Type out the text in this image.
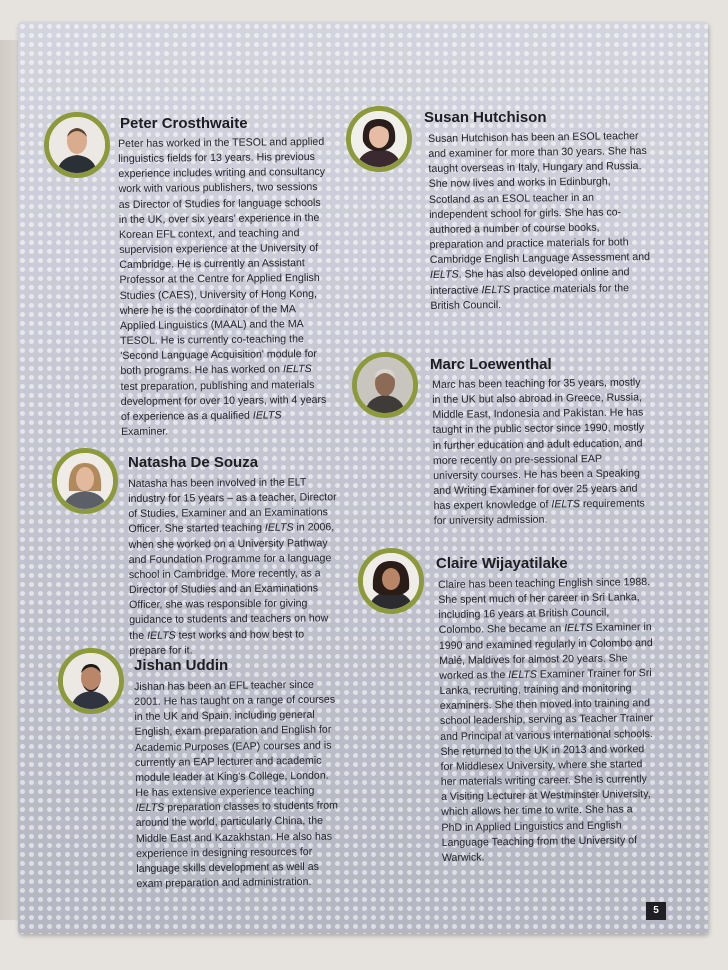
Peter Crosthwaite
Peter has worked in the TESOL and applied linguistics fields for 13 years. His previous experience includes writing and consultancy work with various publishers, two sessions as Director of Studies for language schools in the UK, over six years' experience in the Korean EFL context, and teaching and supervision experience at the University of Cambridge. He is currently an Assistant Professor at the Centre for Applied English Studies (CAES), University of Hong Kong, where he is the coordinator of the MA Applied Linguistics (MAAL) and the MA TESOL. He is currently co-teaching the 'Second Language Acquisition' module for both programs. He has worked on IELTS test preparation, publishing and materials development for over 10 years, with 4 years of experience as a qualified IELTS Examiner.
Susan Hutchison
Susan Hutchison has been an ESOL teacher and examiner for more than 30 years. She has taught overseas in Italy, Hungary and Russia. She now lives and works in Edinburgh, Scotland as an ESOL teacher in an independent school for girls. She has co-authored a number of course books, preparation and practice materials for both Cambridge English Language Assessment and IELTS. She has also developed online and interactive IELTS practice materials for the British Council.
Marc Loewenthal
Marc has been teaching for 35 years, mostly in the UK but also abroad in Greece, Russia, Middle East, Indonesia and Pakistan. He has taught in the public sector since 1990, mostly in further education and adult education, and more recently on pre-sessional EAP university courses. He has been a Speaking and Writing Examiner for over 25 years and has expert knowledge of IELTS requirements for university admission.
Natasha De Souza
Natasha has been involved in the ELT industry for 15 years – as a teacher, Director of Studies, Examiner and an Examinations Officer. She started teaching IELTS in 2006, when she worked on a University Pathway and Foundation Programme for a language school in Cambridge. More recently, as a Director of Studies and an Examinations Officer, she was responsible for giving guidance to students and teachers on how the IELTS test works and how best to prepare for it.
Claire Wijayatilake
Claire has been teaching English since 1988. She spent much of her career in Sri Lanka, including 16 years at British Council, Colombo. She became an IELTS Examiner in 1990 and examined regularly in Colombo and Malé, Maldives for almost 20 years. She worked as the IELTS Examiner Trainer for Sri Lanka, recruiting, training and monitoring examiners. She then moved into training and school leadership, serving as Teacher Trainer and Principal at various international schools. She returned to the UK in 2013 and worked for Middlesex University, where she started her materials writing career. She is currently a Visiting Lecturer at Westminster University, which allows her time to write. She has a PhD in Applied Linguistics and English Language Teaching from the University of Warwick.
Jishan Uddin
Jishan has been an EFL teacher since 2001. He has taught on a range of courses in the UK and Spain, including general English, exam preparation and English for Academic Purposes (EAP) courses and is currently an EAP lecturer and academic module leader at King's College, London. He has extensive experience teaching IELTS preparation classes to students from around the world, particularly China, the Middle East and Kazakhstan. He also has experience in designing resources for language skills development as well as exam preparation and administration.
5
